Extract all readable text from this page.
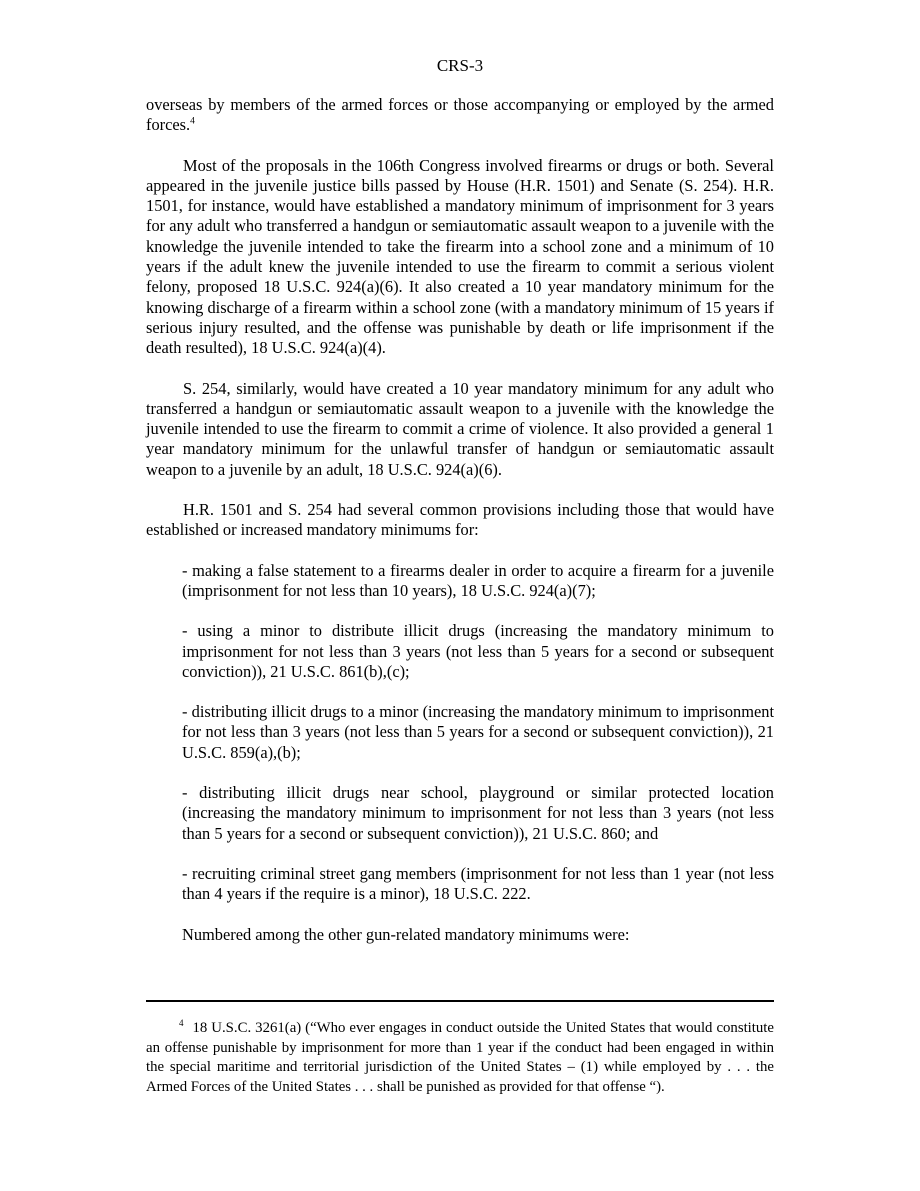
CRS-3

overseas by members of the armed forces or those accompanying or employed by the armed forces.$^4$

Most of the proposals in the 106th Congress involved firearms or drugs or both. Several appeared in the juvenile justice bills passed by House (H.R. 1501) and Senate (S. 254). H.R. 1501, for instance, would have established a mandatory minimum of imprisonment for 3 years for any adult who transferred a handgun or semiautomatic assault weapon to a juvenile with the knowledge the juvenile intended to take the firearm into a school zone and a minimum of 10 years if the adult knew the juvenile intended to use the firearm to commit a serious violent felony, proposed 18 U.S.C. 924(a)(6). It also created a 10 year mandatory minimum for the knowing discharge of a firearm within a school zone (with a mandatory minimum of 15 years if serious injury resulted, and the offense was punishable by death or life imprisonment if the death resulted), 18 U.S.C. 924(a)(4).

S. 254, similarly, would have created a 10 year mandatory minimum for any adult who transferred a handgun or semiautomatic assault weapon to a juvenile with the knowledge the juvenile intended to use the firearm to commit a crime of violence. It also provided a general 1 year mandatory minimum for the unlawful transfer of handgun or semiautomatic assault weapon to a juvenile by an adult, 18 U.S.C. 924(a)(6).

H.R. 1501 and S. 254 had several common provisions including those that would have established or increased mandatory minimums for:

- making a false statement to a firearms dealer in order to acquire a firearm for a juvenile (imprisonment for not less than 10 years), 18 U.S.C. 924(a)(7);

- using a minor to distribute illicit drugs (increasing the mandatory minimum to imprisonment for not less than 3 years (not less than 5 years for a second or subsequent conviction)), 21 U.S.C. 861(b),(c);

- distributing illicit drugs to a minor (increasing the mandatory minimum to imprisonment for not less than 3 years (not less than 5 years for a second or subsequent conviction)), 21 U.S.C. 859(a),(b);

- distributing illicit drugs near school, playground or similar protected location (increasing the mandatory minimum to imprisonment for not less than 3 years (not less than 5 years for a second or subsequent conviction)), 21 U.S.C. 860; and

- recruiting criminal street gang members (imprisonment for not less than 1 year (not less than 4 years if the require is a minor), 18 U.S.C. 222.

Numbered among the other gun-related mandatory minimums were:

$^4$ 18 U.S.C. 3261(a) (“Who ever engages in conduct outside the United States that would constitute an offense punishable by imprisonment for more than 1 year if the conduct had been engaged in within the special maritime and territorial jurisdiction of the United States – (1) while employed by . . . the Armed Forces of the United States . . . shall be punished as provided for that offense “).
